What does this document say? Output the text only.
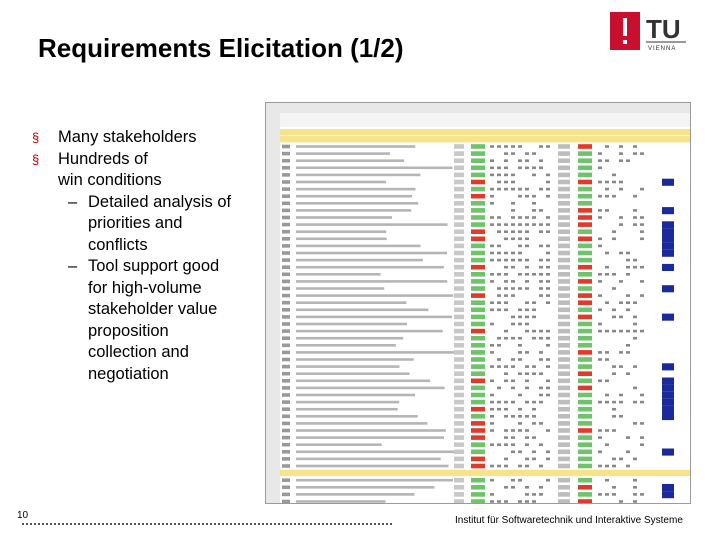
Requirements Elicitation (1/2)
TU
VIENNA
§ Many stakeholders
§ Hundreds of
win conditions
– Detailed analysis of
priorities and
conflicts
– Tool support good
for high-volume
stakeholder value
proposition
collection and
negotiation
10	Institut für Softwaretechnik und Interaktive Systeme
